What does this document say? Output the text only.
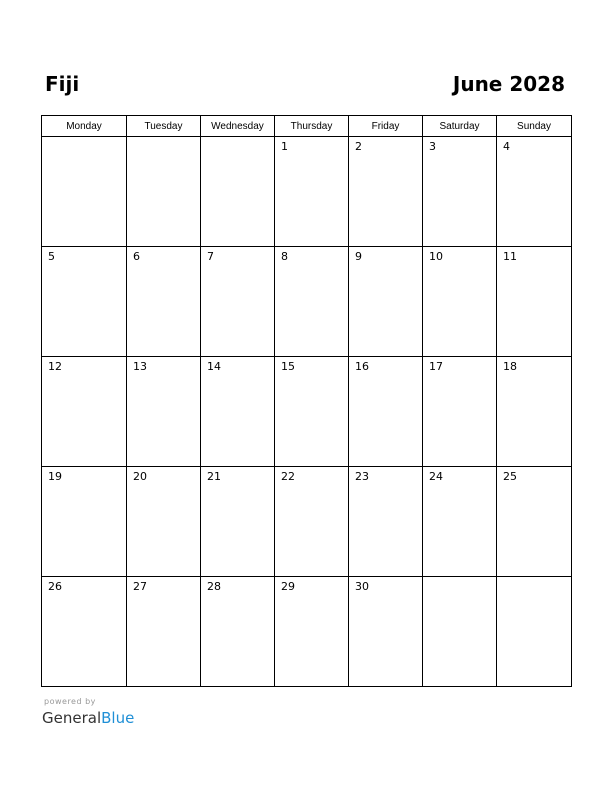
Fiji	June 2028
Monday	Tuesday	Wednesday	Thursday	Friday	Saturday	Sunday

			1	2	3	4

5	6	7	8	9	10	11

12	13	14	15	16	17	18

19	20	21	22	23	24	25

26	27	28	29	30		

powered by
GeneralBlue
